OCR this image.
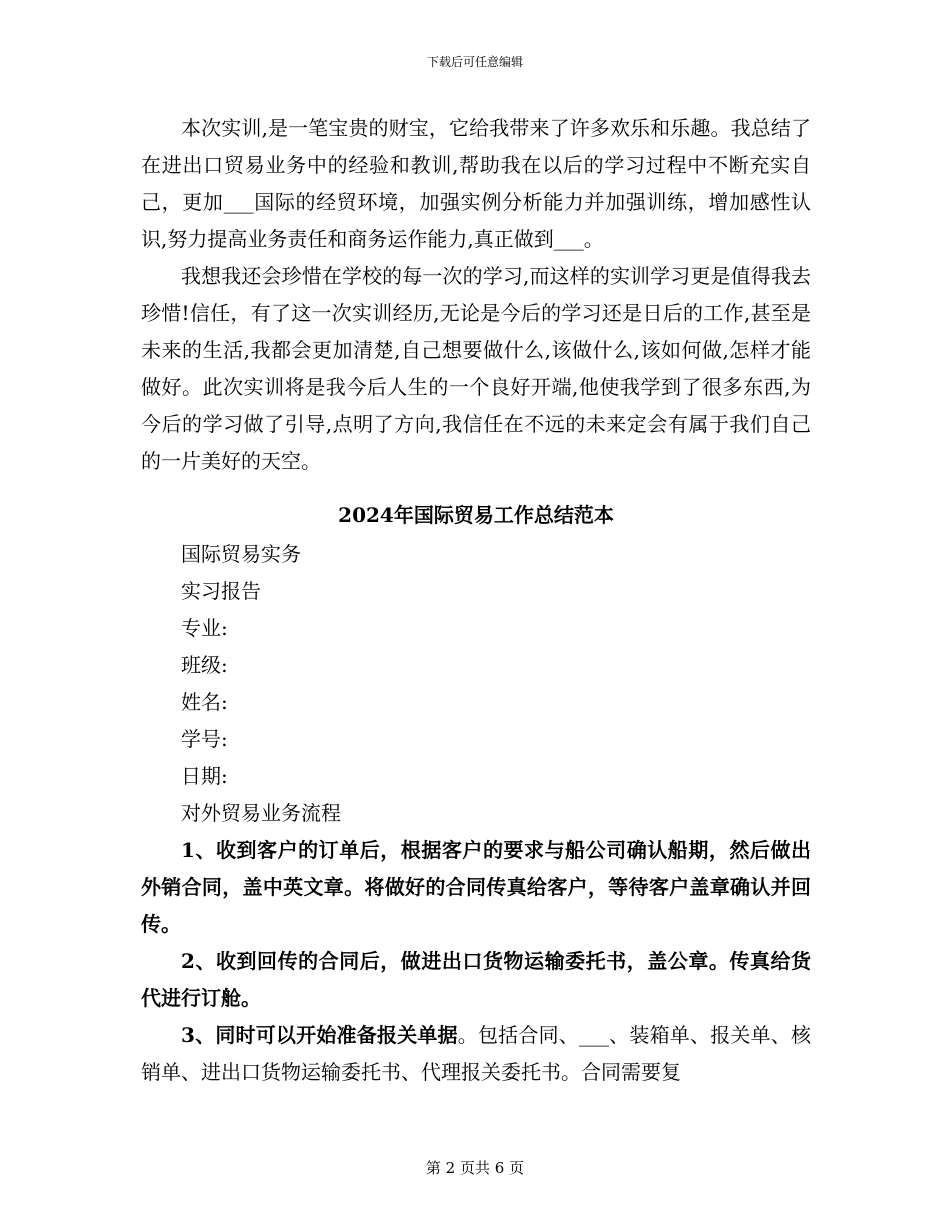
下载后可任意编辑

本次实训,是一笔宝贵的财宝，它给我带来了许多欢乐和乐趣。我总结了在进出口贸易业务中的经验和教训,帮助我在以后的学习过程中不断充实自己，更加___国际的经贸环境，加强实例分析能力并加强训练，增加感性认识,努力提高业务责任和商务运作能力,真正做到___。

我想我还会珍惜在学校的每一次的学习,而这样的实训学习更是值得我去珍惜!信任，有了这一次实训经历,无论是今后的学习还是日后的工作,甚至是未来的生活,我都会更加清楚,自己想要做什么,该做什么,该如何做,怎样才能做好。此次实训将是我今后人生的一个良好开端,他使我学到了很多东西,为今后的学习做了引导,点明了方向,我信任在不远的未来定会有属于我们自己的一片美好的天空。

2024年国际贸易工作总结范本

国际贸易实务

实习报告

专业:

班级:

姓名:

学号:

日期:

对外贸易业务流程

1、收到客户的订单后，根据客户的要求与船公司确认船期，然后做出外销合同，盖中英文章。将做好的合同传真给客户，等待客户盖章确认并回传。

2、收到回传的合同后，做进出口货物运输委托书，盖公章。传真给货代进行订舱。

3、同时可以开始准备报关单据。包括合同、___、装箱单、报关单、核销单、进出口货物运输委托书、代理报关委托书。合同需要复

第 2 页共 6 页
